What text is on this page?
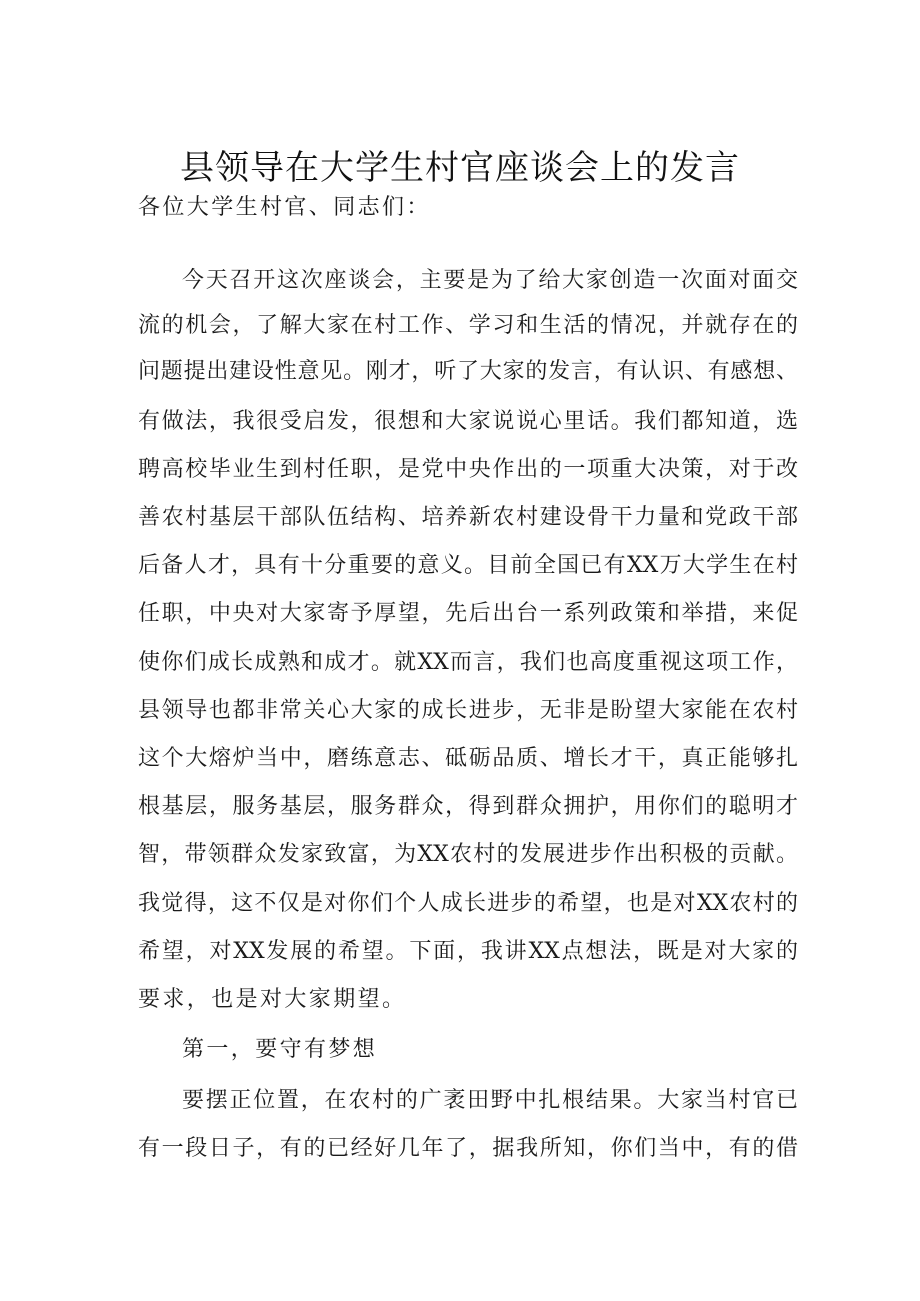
县领导在大学生村官座谈会上的发言
各位大学生村官、同志们：
今天召开这次座谈会，主要是为了给大家创造一次面对面交
流的机会，了解大家在村工作、学习和生活的情况，并就存在的
问题提出建设性意见。刚才，听了大家的发言，有认识、有感想、
有做法，我很受启发，很想和大家说说心里话。我们都知道，选
聘高校毕业生到村任职，是党中央作出的一项重大决策，对于改
善农村基层干部队伍结构、培养新农村建设骨干力量和党政干部
后备人才，具有十分重要的意义。目前全国已有XX万大学生在村
任职，中央对大家寄予厚望，先后出台一系列政策和举措，来促
使你们成长成熟和成才。就XX而言，我们也高度重视这项工作，
县领导也都非常关心大家的成长进步，无非是盼望大家能在农村
这个大熔炉当中，磨练意志、砥砺品质、增长才干，真正能够扎
根基层，服务基层，服务群众，得到群众拥护，用你们的聪明才
智，带领群众发家致富，为XX农村的发展进步作出积极的贡献。
我觉得，这不仅是对你们个人成长进步的希望，也是对XX农村的
希望，对XX发展的希望。下面，我讲XX点想法，既是对大家的
要求，也是对大家期望。
第一，要守有梦想
要摆正位置，在农村的广袤田野中扎根结果。大家当村官已
有一段日子，有的已经好几年了，据我所知，你们当中，有的借
